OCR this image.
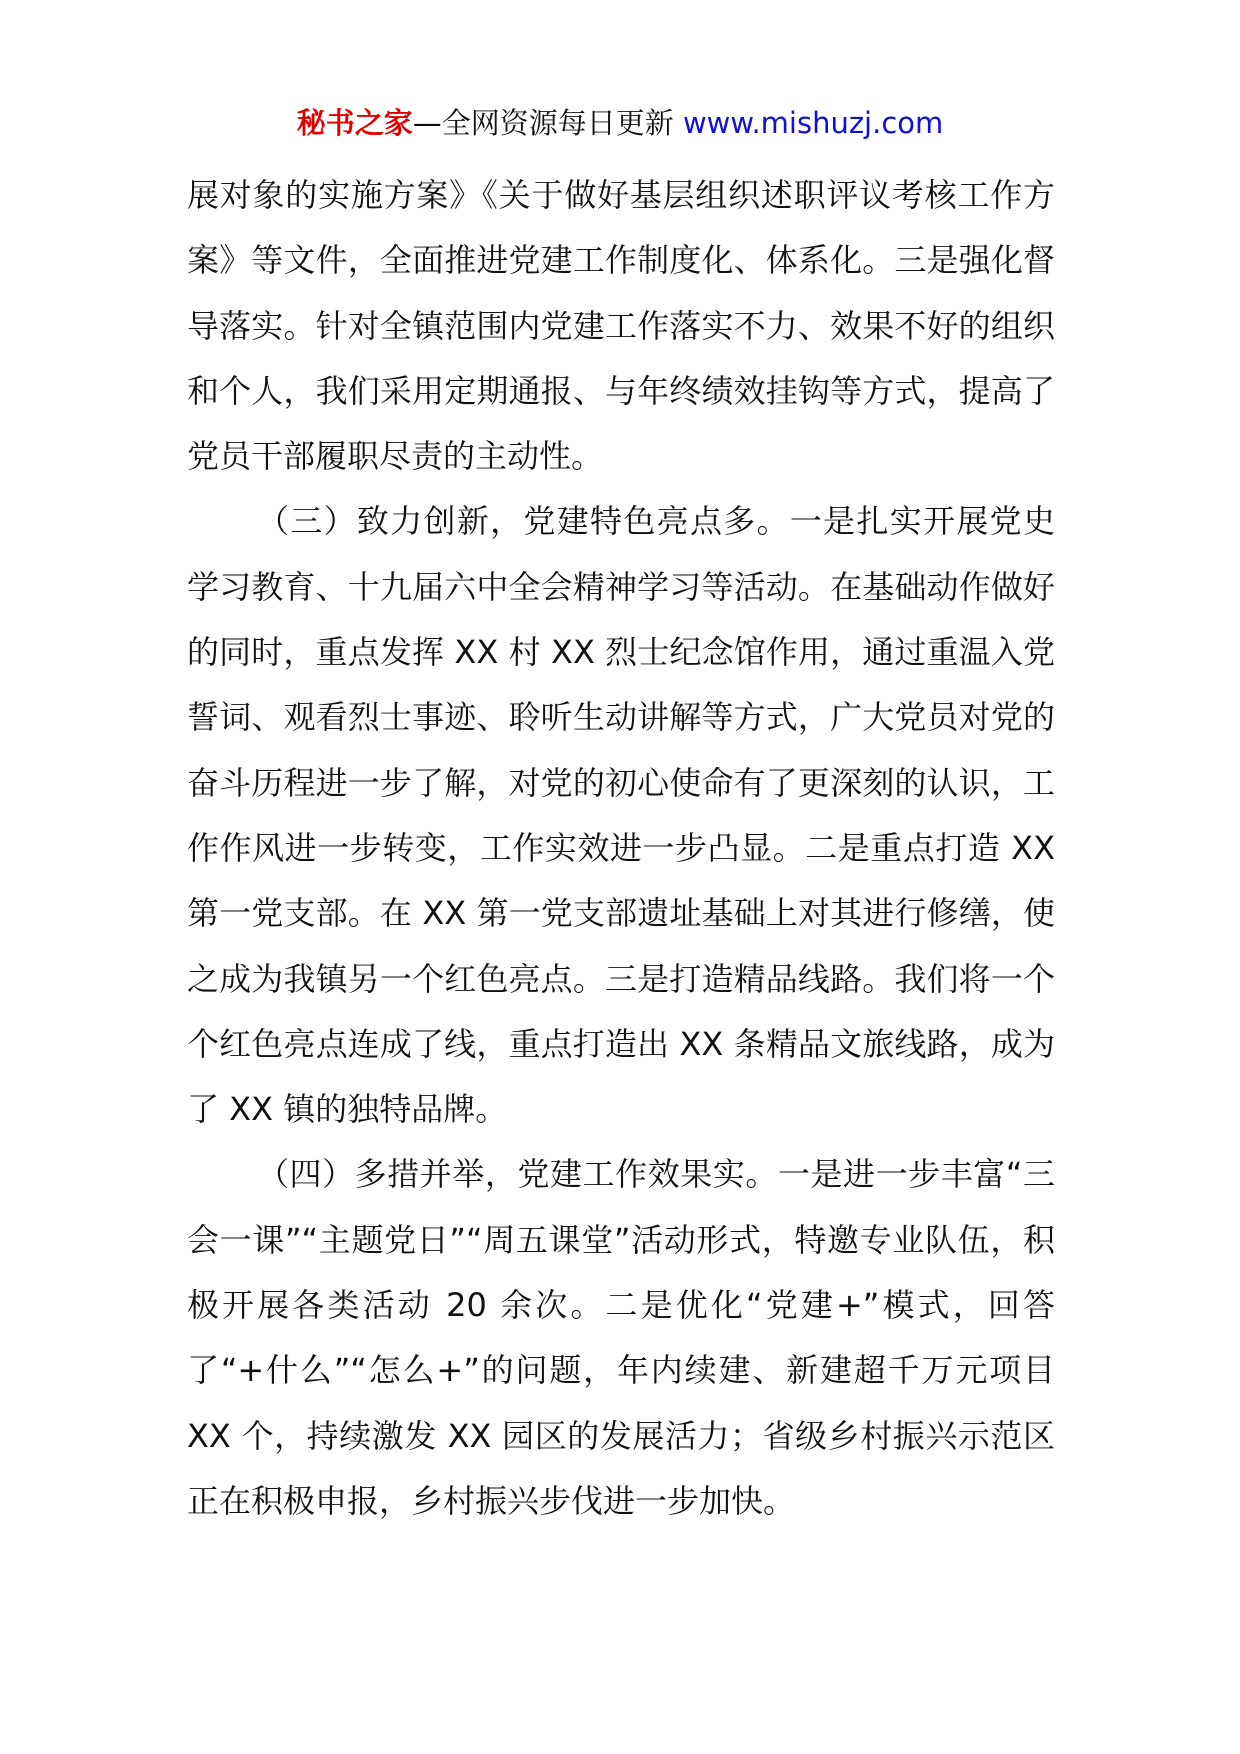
秘书之家—全网资源每日更新 www.mishuzj.com

展对象的实施方案》《关于做好基层组织述职评议考核工作方案》等文件，全面推进党建工作制度化、体系化。三是强化督导落实。针对全镇范围内党建工作落实不力、效果不好的组织和个人，我们采用定期通报、与年终绩效挂钩等方式，提高了党员干部履职尽责的主动性。

（三）致力创新，党建特色亮点多。一是扎实开展党史学习教育、十九届六中全会精神学习等活动。在基础动作做好的同时，重点发挥 XX 村 XX 烈士纪念馆作用，通过重温入党誓词、观看烈士事迹、聆听生动讲解等方式，广大党员对党的奋斗历程进一步了解，对党的初心使命有了更深刻的认识，工作作风进一步转变，工作实效进一步凸显。二是重点打造 XX 第一党支部。在 XX 第一党支部遗址基础上对其进行修缮，使之成为我镇另一个红色亮点。三是打造精品线路。我们将一个个红色亮点连成了线，重点打造出 XX 条精品文旅线路，成为了 XX 镇的独特品牌。

（四）多措并举，党建工作效果实。一是进一步丰富“三会一课”“主题党日”“周五课堂”活动形式，特邀专业队伍，积极开展各类活动 20 余次。二是优化“党建+”模式，回答了“+什么”“怎么+”的问题，年内续建、新建超千万元项目 XX 个，持续激发 XX 园区的发展活力；省级乡村振兴示范区正在积极申报，乡村振兴步伐进一步加快。
